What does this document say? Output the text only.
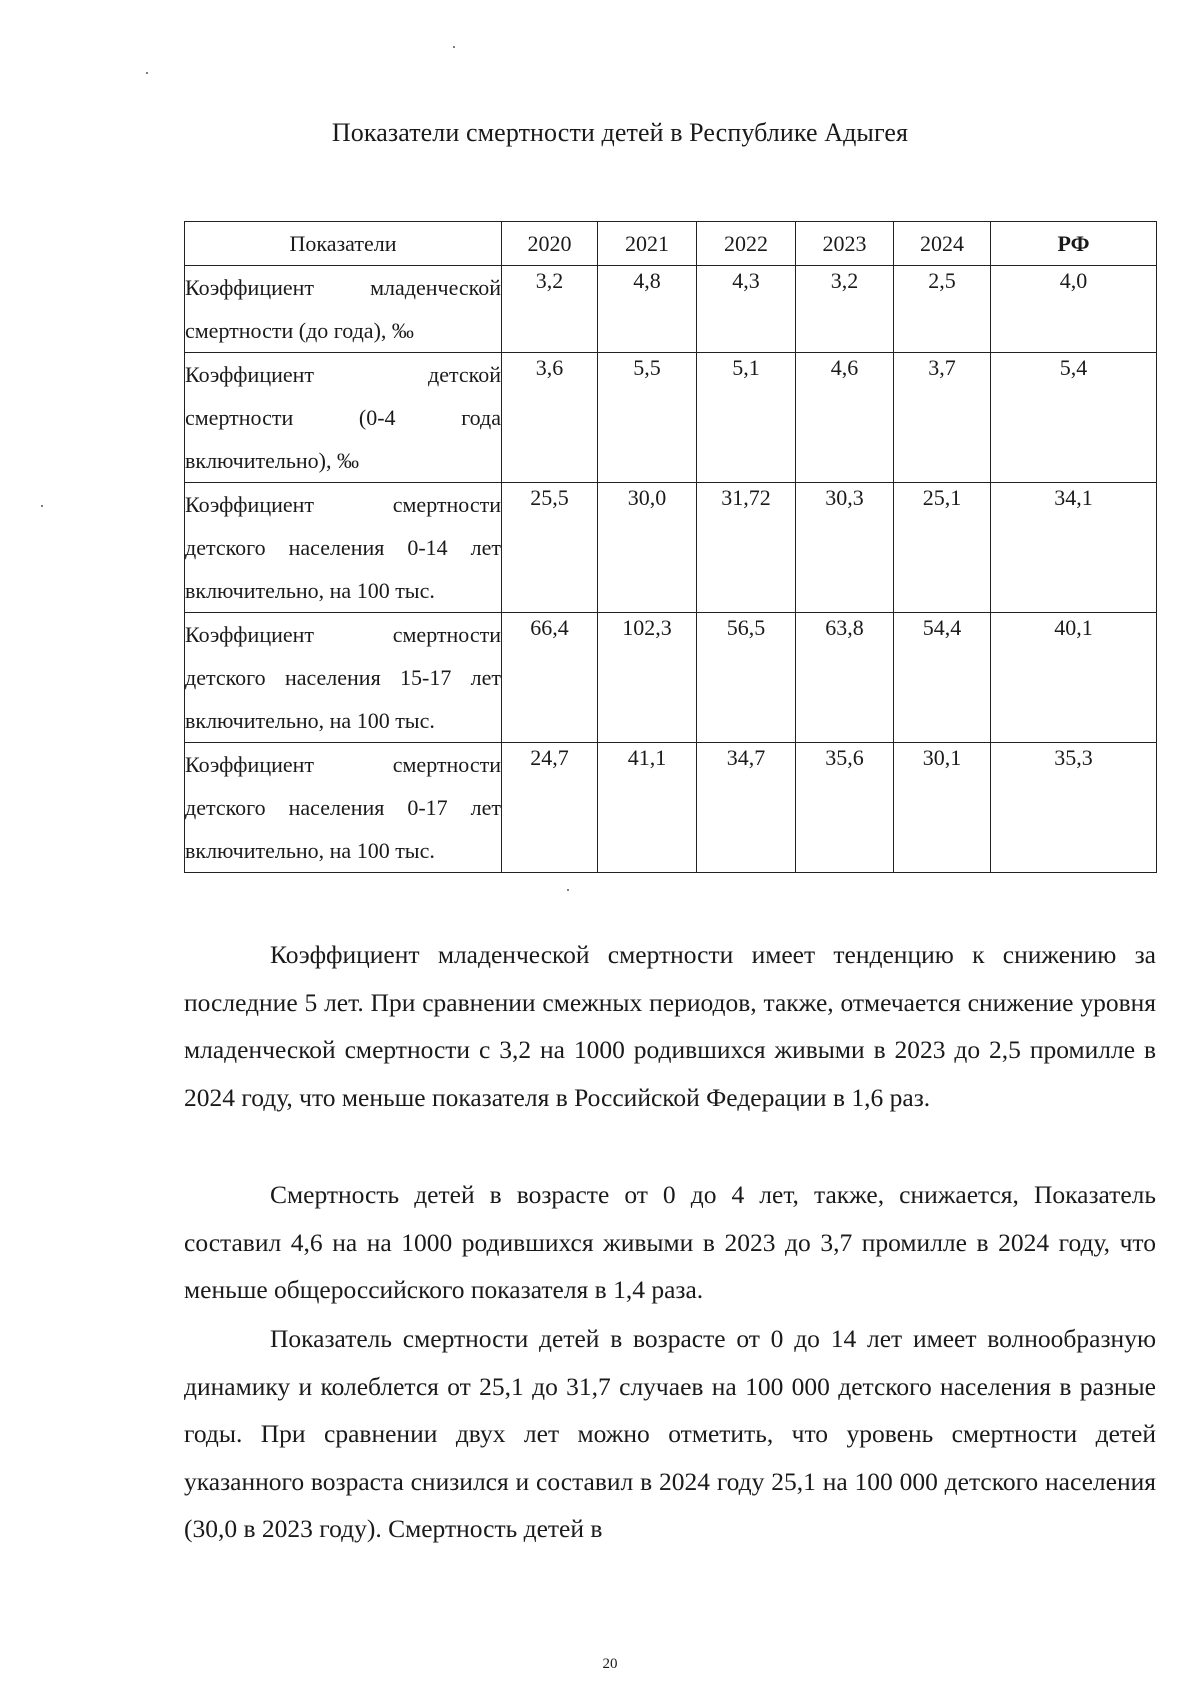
Показатели смертности детей в Республике Адыгея
Показатели	2020	2021	2022	2023	2024	РФ
Коэффициент младенческой смертности (до года), ‰	3,2	4,8	4,3	3,2	2,5	4,0
Коэффициент детской смертности (0-4 года включительно), ‰	3,6	5,5	5,1	4,6	3,7	5,4
Коэффициент смертности детского населения 0-14 лет включительно, на 100 тыс.	25,5	30,0	31,72	30,3	25,1	34,1
Коэффициент смертности детского населения 15-17 лет включительно, на 100 тыс.	66,4	102,3	56,5	63,8	54,4	40,1
Коэффициент смертности детского населения 0-17 лет включительно, на 100 тыс.	24,7	41,1	34,7	35,6	30,1	35,3

Коэффициент младенческой смертности имеет тенденцию к снижению за последние 5 лет. При сравнении смежных периодов, также, отмечается снижение уровня младенческой смертности с 3,2 на 1000 родившихся живыми в 2023 до 2,5 промилле в 2024 году, что меньше показателя в Российской Федерации в 1,6 раз.

Смертность детей в возрасте от 0 до 4 лет, также, снижается, Показатель составил 4,6 на на 1000 родившихся живыми в 2023 до 3,7 промилле в 2024 году, что меньше общероссийского показателя в 1,4 раза.

Показатель смертности детей в возрасте от 0 до 14 лет имеет волнообразную динамику и колеблется от 25,1 до 31,7 случаев на 100 000 детского населения в разные годы. При сравнении двух лет можно отметить, что уровень смертности детей указанного возраста снизился и составил в 2024 году 25,1 на 100 000 детского населения (30,0 в 2023 году). Смертность детей в

20
